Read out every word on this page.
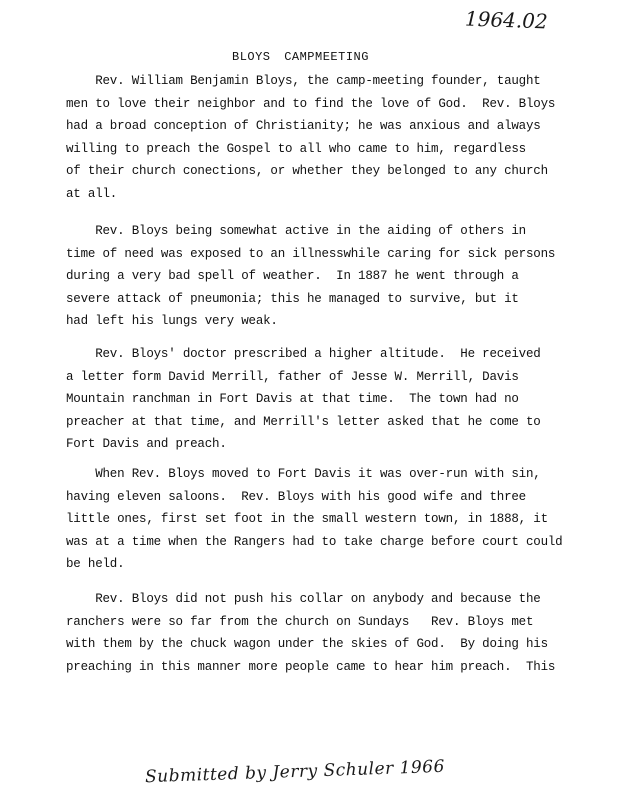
1964.02
BLOYS CAMPMEETING

Rev. William Benjamin Bloys, the camp-meeting founder, taught
men to love their neighbor and to find the love of God.  Rev. Bloys
had a broad conception of Christianity; he was anxious and always
willing to preach the Gospel to all who came to him, regardless
of their church conections, or whether they belonged to any church
at all.

Rev. Bloys being somewhat active in the aiding of others in
time of need was exposed to an illnesswhile caring for sick persons
during a very bad spell of weather.  In 1887 he went through a
severe attack of pneumonia; this he managed to survive, but it
had left his lungs very weak.

Rev. Bloys' doctor prescribed a higher altitude.  He received
a letter form David Merrill, father of Jesse W. Merrill, Davis
Mountain ranchman in Fort Davis at that time.  The town had no
preacher at that time, and Merrill's letter asked that he come to
Fort Davis and preach.

When Rev. Bloys moved to Fort Davis it was over-run with sin,
having eleven saloons.  Rev. Bloys with his good wife and three
little ones, first set foot in the small western town, in 1888, it
was at a time when the Rangers had to take charge before court could
be held.

Rev. Bloys did not push his collar on anybody and because the
ranchers were so far from the church on Sundays   Rev. Bloys met
with them by the chuck wagon under the skies of God.  By doing his
preaching in this manner more people came to hear him preach.  This

Submitted by Jerry Schuler 1966
